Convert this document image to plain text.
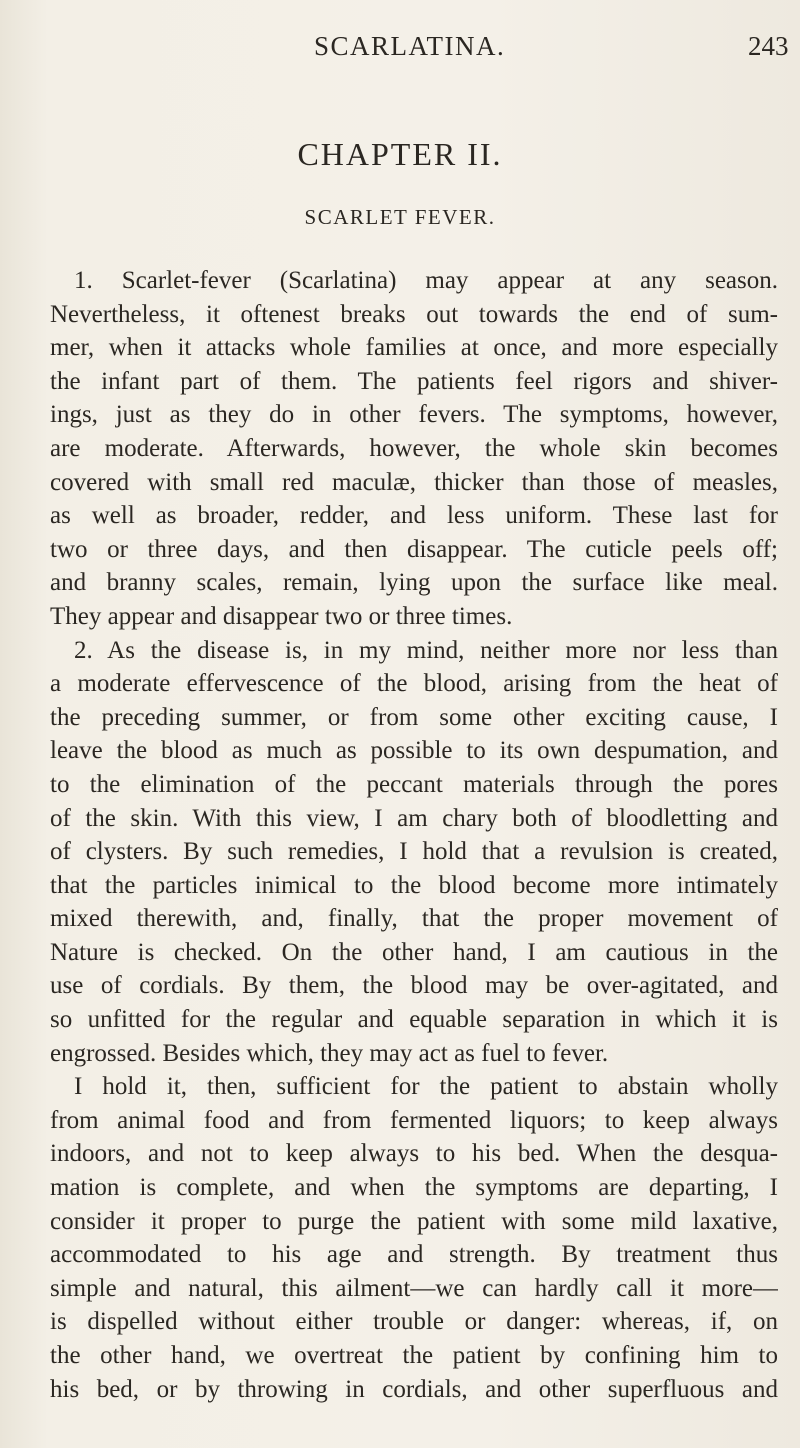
SCARLATINA.	243
CHAPTER II.
SCARLET FEVER.
1. Scarlet-fever (Scarlatina) may appear at any season.
Nevertheless, it oftenest breaks out towards the end of sum-
mer, when it attacks whole families at once, and more especially
the infant part of them. The patients feel rigors and shiver-
ings, just as they do in other fevers. The symptoms, however,
are moderate. Afterwards, however, the whole skin becomes
covered with small red maculæ, thicker than those of measles,
as well as broader, redder, and less uniform. These last for
two or three days, and then disappear. The cuticle peels off;
and branny scales, remain, lying upon the surface like meal.
They appear and disappear two or three times.
2. As the disease is, in my mind, neither more nor less than
a moderate effervescence of the blood, arising from the heat of
the preceding summer, or from some other exciting cause, I
leave the blood as much as possible to its own despumation, and
to the elimination of the peccant materials through the pores
of the skin. With this view, I am chary both of bloodletting and
of clysters. By such remedies, I hold that a revulsion is created,
that the particles inimical to the blood become more intimately
mixed therewith, and, finally, that the proper movement of
Nature is checked. On the other hand, I am cautious in the
use of cordials. By them, the blood may be over-agitated, and
so unfitted for the regular and equable separation in which it is
engrossed. Besides which, they may act as fuel to fever.
I hold it, then, sufficient for the patient to abstain wholly
from animal food and from fermented liquors; to keep always
indoors, and not to keep always to his bed. When the desqua-
mation is complete, and when the symptoms are departing, I
consider it proper to purge the patient with some mild laxative,
accommodated to his age and strength. By treatment thus
simple and natural, this ailment—we can hardly call it more—
is dispelled without either trouble or danger: whereas, if, on
the other hand, we overtreat the patient by confining him to
his bed, or by throwing in cordials, and other superfluous and
